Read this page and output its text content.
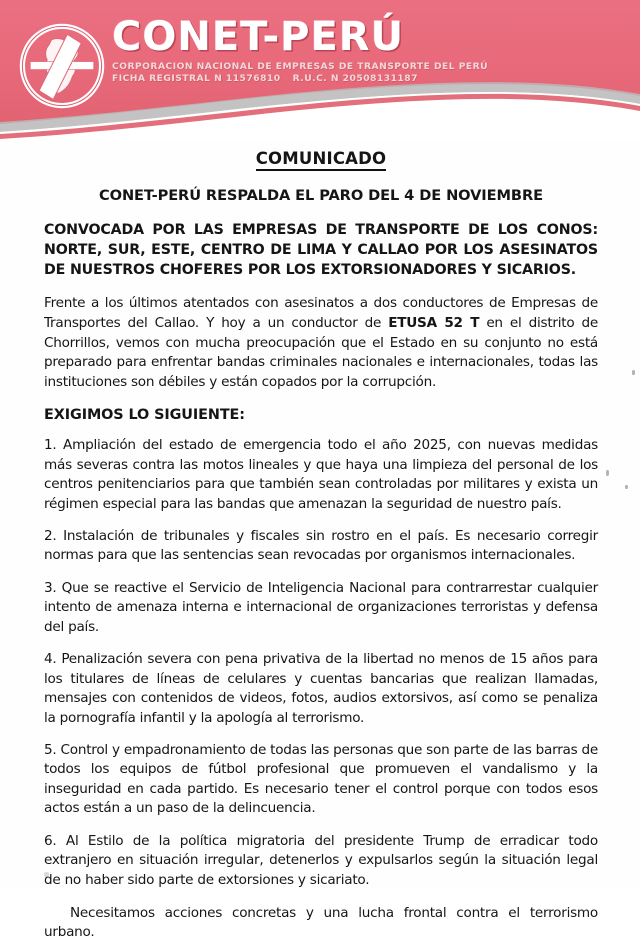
CONET-PERÚ
CORPORACION NACIONAL DE EMPRESAS DE TRANSPORTE DEL PERÚ
FICHA REGISTRAL N 11576810 R.U.C. N 20508131187
COMUNICADO
CONET-PERÚ RESPALDA EL PARO DEL 4 DE NOVIEMBRE
CONVOCADA POR LAS EMPRESAS DE TRANSPORTE DE LOS CONOS: NORTE, SUR, ESTE, CENTRO DE LIMA Y CALLAO POR LOS ASESINATOS DE NUESTROS CHOFERES POR LOS EXTORSIONADORES Y SICARIOS.

Frente a los últimos atentados con asesinatos a dos conductores de Empresas de Transportes del Callao. Y hoy a un conductor de ETUSA 52 T en el distrito de Chorrillos, vemos con mucha preocupación que el Estado en su conjunto no está preparado para enfrentar bandas criminales nacionales e internacionales, todas las instituciones son débiles y están copados por la corrupción.

EXIGIMOS LO SIGUIENTE:

1. Ampliación del estado de emergencia todo el año 2025, con nuevas medidas más severas contra las motos lineales y que haya una limpieza del personal de los centros penitenciarios para que también sean controladas por militares y exista un régimen especial para las bandas que amenazan la seguridad de nuestro país.

2. Instalación de tribunales y fiscales sin rostro en el país. Es necesario corregir normas para que las sentencias sean revocadas por organismos internacionales.

3. Que se reactive el Servicio de Inteligencia Nacional para contrarrestar cualquier intento de amenaza interna e internacional de organizaciones terroristas y defensa del país.

4. Penalización severa con pena privativa de la libertad no menos de 15 años para los titulares de líneas de celulares y cuentas bancarias que realizan llamadas, mensajes con contenidos de videos, fotos, audios extorsivos, así como se penaliza la pornografía infantil y la apología al terrorismo.

5. Control y empadronamiento de todas las personas que son parte de las barras de todos los equipos de fútbol profesional que promueven el vandalismo y la inseguridad en cada partido. Es necesario tener el control porque con todos esos actos están a un paso de la delincuencia.

6. Al Estilo de la política migratoria del presidente Trump de erradicar todo extranjero en situación irregular, detenerlos y expulsarlos según la situación legal de no haber sido parte de extorsiones y sicariato.

Necesitamos acciones concretas y una lucha frontal contra el terrorismo urbano.
